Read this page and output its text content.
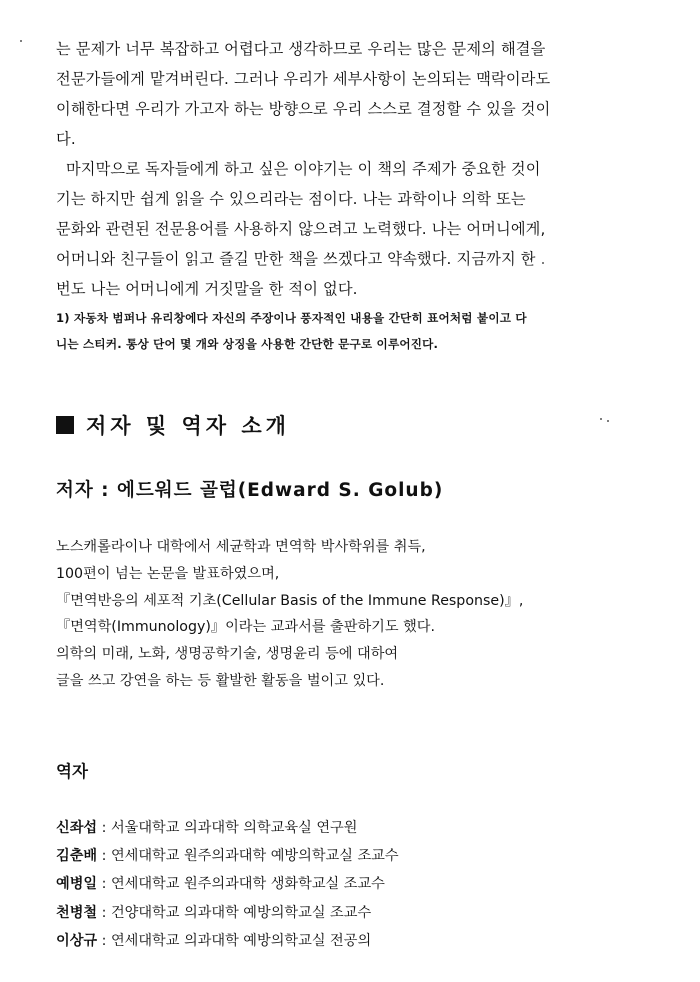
는 문제가 너무 복잡하고 어렵다고 생각하므로 우리는 많은 문제의 해결을
전문가들에게 맡겨버린다. 그러나 우리가 세부사항이 논의되는 맥락이라도
이해한다면 우리가 가고자 하는 방향으로 우리 스스로 결정할 수 있을 것이
다.
마지막으로 독자들에게 하고 싶은 이야기는 이 책의 주제가 중요한 것이
기는 하지만 쉽게 읽을 수 있으리라는 점이다. 나는 과학이나 의학 또는
문화와 관련된 전문용어를 사용하지 않으려고 노력했다. 나는 어머니에게,
어머니와 친구들이 읽고 즐길 만한 책을 쓰겠다고 약속했다. 지금까지 한
번도 나는 어머니에게 거짓말을 한 적이 없다.
1) 자동차 범퍼나 유리창에다 자신의 주장이나 풍자적인 내용을 간단히 표어처럼 붙이고 다
니는 스티커. 통상 단어 몇 개와 상징을 사용한 간단한 문구로 이루어진다.
저자 및 역자 소개
저자 : 에드워드 골럽(Edward S. Golub)
노스캐롤라이나 대학에서 세균학과 면역학 박사학위를 취득,
100편이 넘는 논문을 발표하였으며,
『면역반응의 세포적 기초(Cellular Basis of the Immune Response)』,
『면역학(Immunology)』이라는 교과서를 출판하기도 했다.
의학의 미래, 노화, 생명공학기술, 생명윤리 등에 대하여
글을 쓰고 강연을 하는 등 활발한 활동을 벌이고 있다.
역자
신좌섭 : 서울대학교 의과대학 의학교육실 연구원
김춘배 : 연세대학교 원주의과대학 예방의학교실 조교수
예병일 : 연세대학교 원주의과대학 생화학교실 조교수
천병철 : 건양대학교 의과대학 예방의학교실 조교수
이상규 : 연세대학교 의과대학 예방의학교실 전공의
